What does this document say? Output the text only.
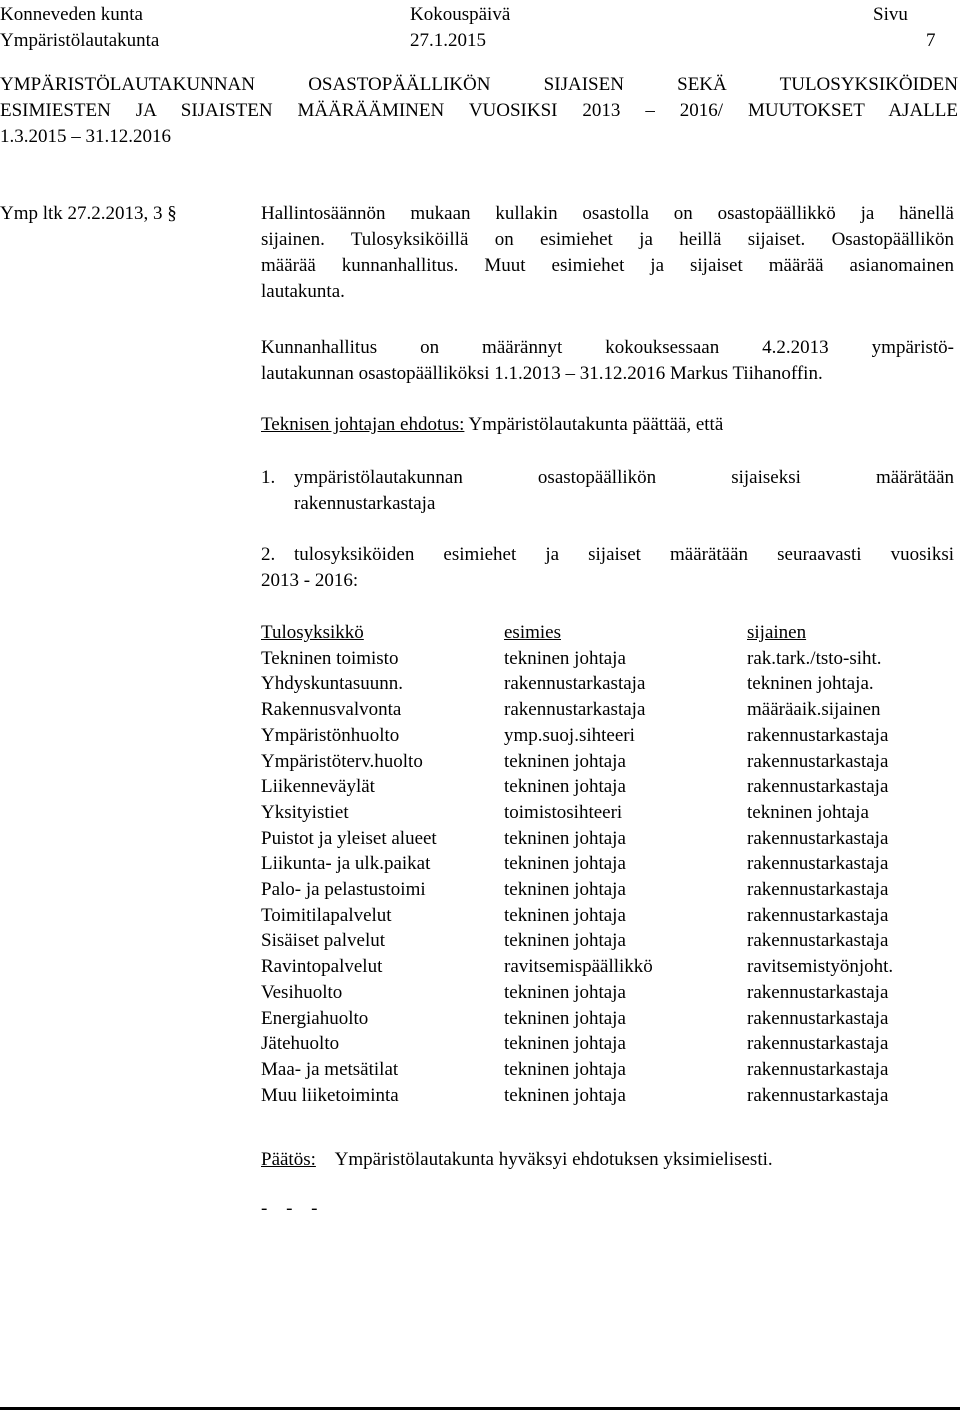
Konneveden kunta	Kokouspäivä	Sivu
Ympäristölautakunta	27.1.2015	7
YMPÄRISTÖLAUTAKUNNAN OSASTOPÄÄLLIKÖN SIJAISEN SEKÄ TULOSYKSIKÖIDEN
ESIMIESTEN JA SIJAISTEN MÄÄRÄÄMINEN VUOSIKSI 2013 – 2016/ MUUTOKSET AJALLE
1.3.2015 – 31.12.2016
Ymp ltk 27.2.2013, 3 §	Hallintosäännön mukaan kullakin osastolla on osastopäällikkö ja hänellä
sijainen. Tulosyksiköillä on esimiehet ja heillä sijaiset. Osastopäällikön
määrää kunnanhallitus. Muut esimiehet ja sijaiset määrää asianomainen
lautakunta.
Kunnanhallitus on määrännyt kokouksessaan 4.2.2013 ympäristö-
lautakunnan osastopäälliköksi 1.1.2013 – 31.12.2016 Markus Tiihanoffin.
Teknisen johtajan ehdotus: Ympäristölautakunta päättää, että
1. ympäristölautakunnan osastopäällikön sijaiseksi määrätään
rakennustarkastaja
2. tulosyksiköiden esimiehet ja sijaiset määrätään seuraavasti vuosiksi
2013 - 2016:
Tulosyksikkö	esimies	sijainen
Tekninen toimisto	tekninen johtaja	rak.tark./tsto-siht.
Yhdyskuntasuunn.	rakennustarkastaja	tekninen johtaja.
Rakennusvalvonta	rakennustarkastaja	määräaik.sijainen
Ympäristönhuolto	ymp.suoj.sihteeri	rakennustarkastaja
Ympäristöterv.huolto	tekninen johtaja	rakennustarkastaja
Liikenneväylät	tekninen johtaja	rakennustarkastaja
Yksityistiet	toimistosihteeri	tekninen johtaja
Puistot ja yleiset alueet	tekninen johtaja	rakennustarkastaja
Liikunta- ja ulk.paikat	tekninen johtaja	rakennustarkastaja
Palo- ja pelastustoimi	tekninen johtaja	rakennustarkastaja
Toimitilapalvelut	tekninen johtaja	rakennustarkastaja
Sisäiset palvelut	tekninen johtaja	rakennustarkastaja
Ravintopalvelut	ravitsemispäällikkö	ravitsemistyönjoht.
Vesihuolto	tekninen johtaja	rakennustarkastaja
Energiahuolto	tekninen johtaja	rakennustarkastaja
Jätehuolto	tekninen johtaja	rakennustarkastaja
Maa- ja metsätilat	tekninen johtaja	rakennustarkastaja
Muu liiketoiminta	tekninen johtaja	rakennustarkastaja
Päätös: Ympäristölautakunta hyväksyi ehdotuksen yksimielisesti.
- - -
